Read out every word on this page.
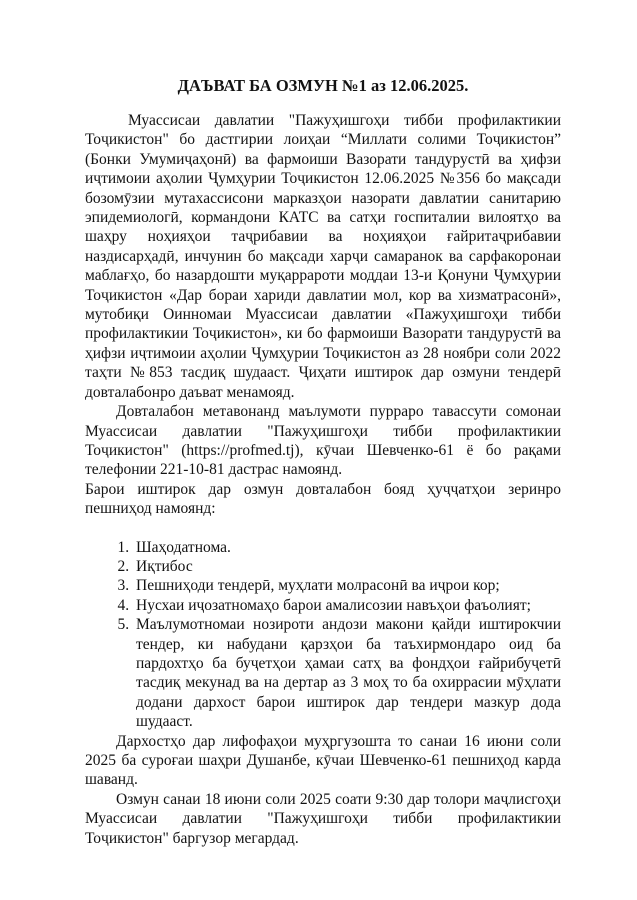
ДАЪВАТ БА ОЗМУН №1 аз 12.06.2025.

Муассисаи давлатии "Пажуҳишгоҳи тибби профилактикии Тоҷикистон" бо дастгирии лоиҳаи “Миллати солими Тоҷикистон” (Бонки Умумиҷаҳонӣ) ва фармоиши Вазорати тандурустӣ ва ҳифзи иҷтимоии аҳолии Ҷумҳурии Тоҷикистон 12.06.2025 №356 бо мақсади бозомӯзии мутахассисони марказҳои назорати давлатии санитарию эпидемиологӣ, кормандони КАТС ва сатҳи госпиталии вилоятҳо ва шаҳру ноҳияҳои таҷрибавии ва ноҳияҳои ғайритаҷрибавии наздисарҳадӣ, инчунин бо мақсади харҷи самаранок ва сарфакоронаи маблағҳо, бо назардошти муқаррароти моддаи 13-и Қонуни Ҷумҳурии Тоҷикистон «Дар бораи хариди давлатии мол, кор ва хизматрасонӣ», мутобиқи Оинномаи Муассисаи давлатии «Пажуҳишгоҳи тибби профилактикии Тоҷикистон», ки бо фармоиши Вазорати тандурустӣ ва ҳифзи иҷтимоии аҳолии Ҷумҳурии Тоҷикистон аз 28 ноябри соли 2022 таҳти №853 тасдиқ шудааст. Ҷиҳати иштирок дар озмуни тендерӣ довталабонро даъват менамояд.

Довталабон метавонанд маълумоти пурраро тавассути сомонаи Муассисаи давлатии "Пажуҳишгоҳи тибби профилактикии Тоҷикистон" (https://profmed.tj), кӯчаи Шевченко-61 ё бо рақами телефонии 221-10-81 дастрас намоянд.

Барои иштирок дар озмун довталабон бояд ҳуҷҷатҳои зеринро пешниҳод намоянд:

1. Шаҳодатнома.
2. Иқтибос
3. Пешниҳоди тендерӣ, муҳлати молрасонӣ ва иҷрои кор;
4. Нусхаи иҷозатномаҳо барои амалисозии навъҳои фаъолият;
5. Маълумотномаи нозироти андози макони қайди иштирокчии тендер, ки набудани қарзҳои ба таъхирмондаро оид ба пардохтҳо ба буҷетҳои ҳамаи сатҳ ва фондҳои ғайрибуҷетӣ тасдиқ мекунад ва на дертар аз 3 моҳ то ба охиррасии мӯҳлати додани дархост барои иштирок дар тендери мазкур дода шудааст.

Дархостҳо дар лифофаҳои муҳргузошта то санаи 16 июни соли 2025 ба суроғаи шаҳри Душанбе, кӯчаи Шевченко-61 пешниҳод карда шаванд.

Озмун санаи 18 июни соли 2025 соати 9:30 дар толори маҷлисгоҳи Муассисаи давлатии "Пажуҳишгоҳи тибби профилактикии Тоҷикистон" баргузор мегардад.
